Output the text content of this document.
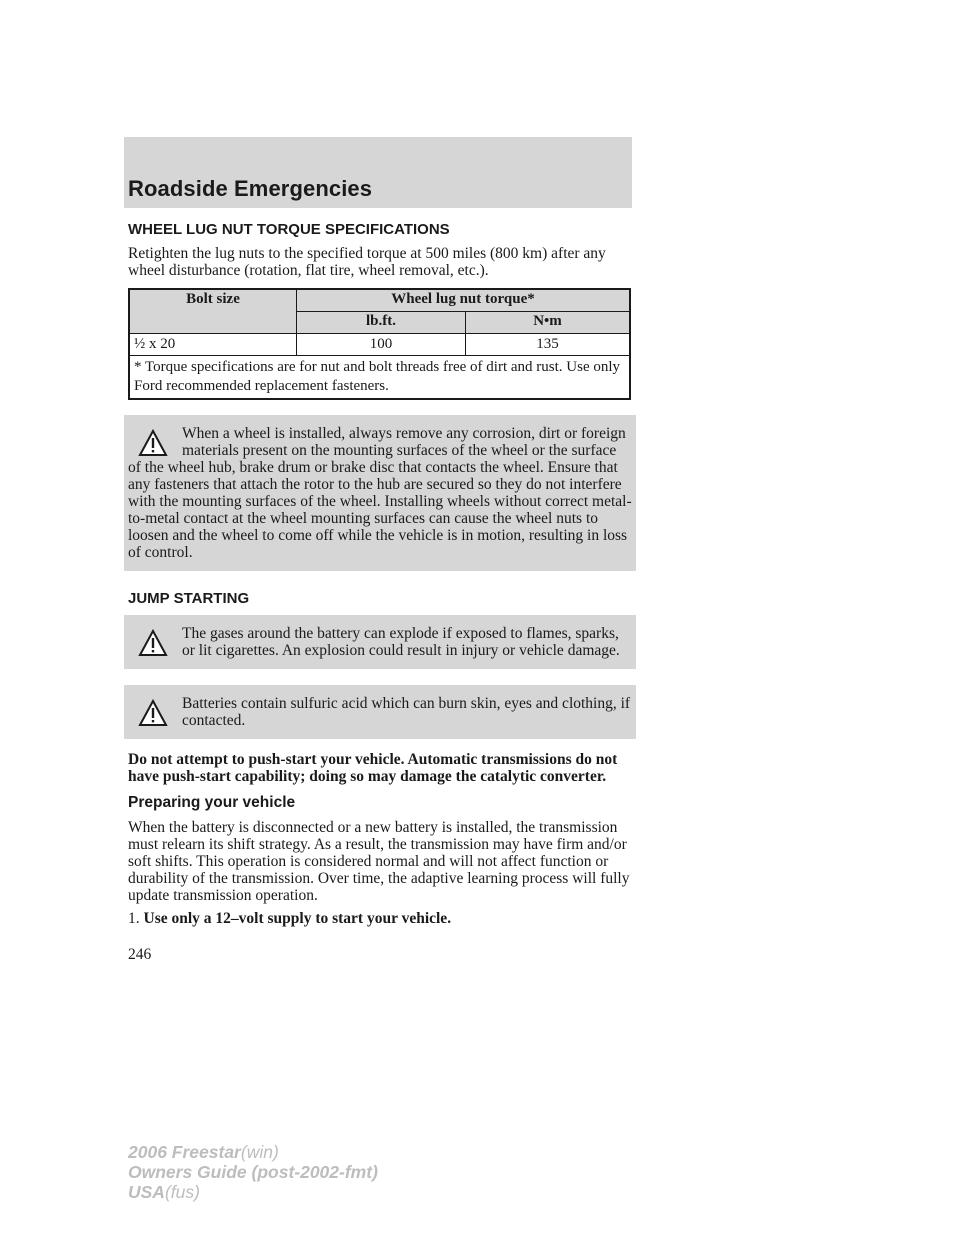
Roadside Emergencies
WHEEL LUG NUT TORQUE SPECIFICATIONS

Retighten the lug nuts to the specified torque at 500 miles (800 km) after any wheel disturbance (rotation, flat tire, wheel removal, etc.).

Bolt size	Wheel lug nut torque*	
	lb.ft.	N•m
½ x 20	100	135
* Torque specifications are for nut and bolt threads free of dirt and rust. Use only Ford recommended replacement fasteners.		
When a wheel is installed, always remove any corrosion, dirt or foreign materials present on the mounting surfaces of the wheel or the surface of the wheel hub, brake drum or brake disc that contacts the wheel. Ensure that any fasteners that attach the rotor to the hub are secured so they do not interfere with the mounting surfaces of the wheel. Installing wheels without correct metal-to-metal contact at the wheel mounting surfaces can cause the wheel nuts to loosen and the wheel to come off while the vehicle is in motion, resulting in loss of control.
JUMP STARTING
The gases around the battery can explode if exposed to flames, sparks, or lit cigarettes. An explosion could result in injury or vehicle damage.
Batteries contain sulfuric acid which can burn skin, eyes and clothing, if contacted.

Do not attempt to push-start your vehicle. Automatic transmissions do not have push-start capability; doing so may damage the catalytic converter.

Preparing your vehicle

When the battery is disconnected or a new battery is installed, the transmission must relearn its shift strategy. As a result, the transmission may have firm and/or soft shifts. This operation is considered normal and will not affect function or durability of the transmission. Over time, the adaptive learning process will fully update transmission operation.

1. Use only a 12–volt supply to start your vehicle.

246
2006 Freestar(win)
Owners Guide (post-2002-fmt)
USA(fus)
